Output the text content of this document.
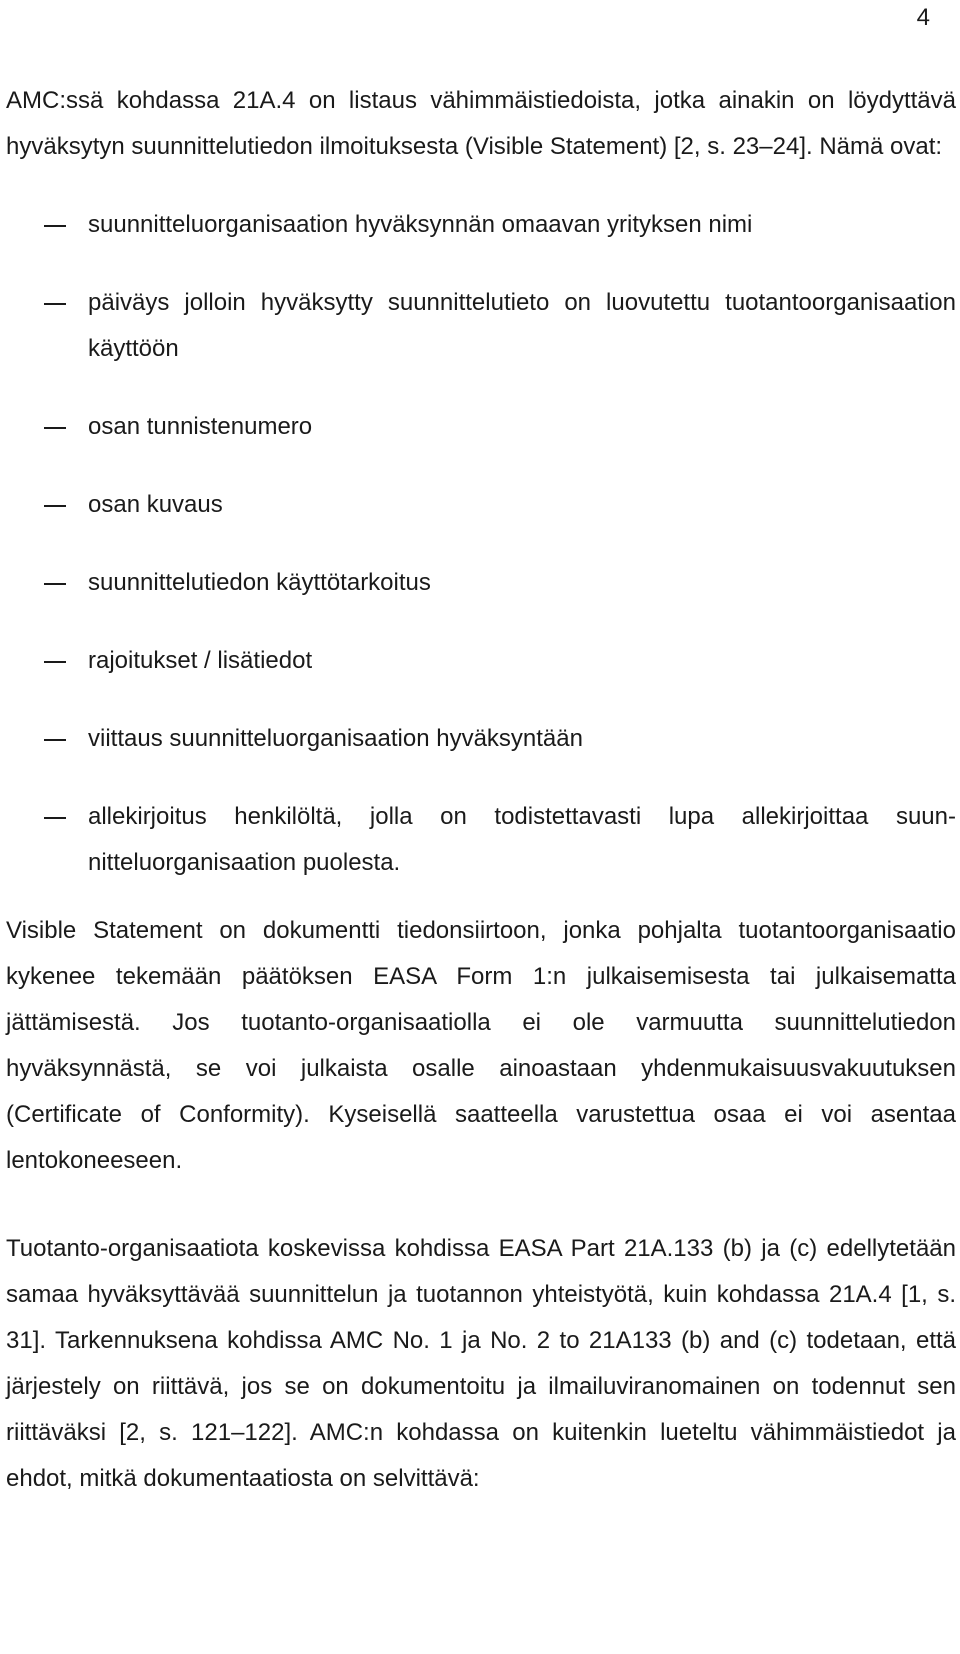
4

AMC:ssä kohdassa 21A.4 on listaus vähimmäistiedoista, jotka ainakin on löydyttävä hyväksytyn suunnittelutiedon ilmoituksesta (Visible Statement) [2, s. 23–24]. Nämä ovat:

suunnitteluorganisaation hyväksynnän omaavan yrityksen nimi
päiväys jolloin hyväksytty suunnittelutieto on luovutettu tuotantoorganisaation käyttöön
osan tunnistenumero
osan kuvaus
suunnittelutiedon käyttötarkoitus
rajoitukset / lisätiedot
viittaus suunnitteluorganisaation hyväksyntään
allekirjoitus henkilöltä, jolla on todistettavasti lupa allekirjoittaa suunnitteluorganisaation puolesta.

Visible Statement on dokumentti tiedonsiirtoon, jonka pohjalta tuotantoorganisaatio kykenee tekemään päätöksen EASA Form 1:n julkaisemisesta tai julkaisematta jättämisestä. Jos tuotanto-organisaatiolla ei ole varmuutta suunnittelutiedon hyväksynnästä, se voi julkaista osalle ainoastaan yhdenmukaisuusvakuutuksen (Certificate of Conformity). Kyseisellä saatteella varustettua osaa ei voi asentaa lentokoneeseen.

Tuotanto-organisaatiota koskevissa kohdissa EASA Part 21A.133 (b) ja (c) edellytetään samaa hyväksyttävää suunnittelun ja tuotannon yhteistyötä, kuin kohdassa 21A.4 [1, s. 31]. Tarkennuksena kohdissa AMC No. 1 ja No. 2 to 21A133 (b) and (c) todetaan, että järjestely on riittävä, jos se on dokumentoitu ja ilmailuviranomainen on todennut sen riittäväksi [2, s. 121–122]. AMC:n kohdassa on kuitenkin lueteltu vähimmäistiedot ja ehdot, mitkä dokumentaatiosta on selvittävä:
